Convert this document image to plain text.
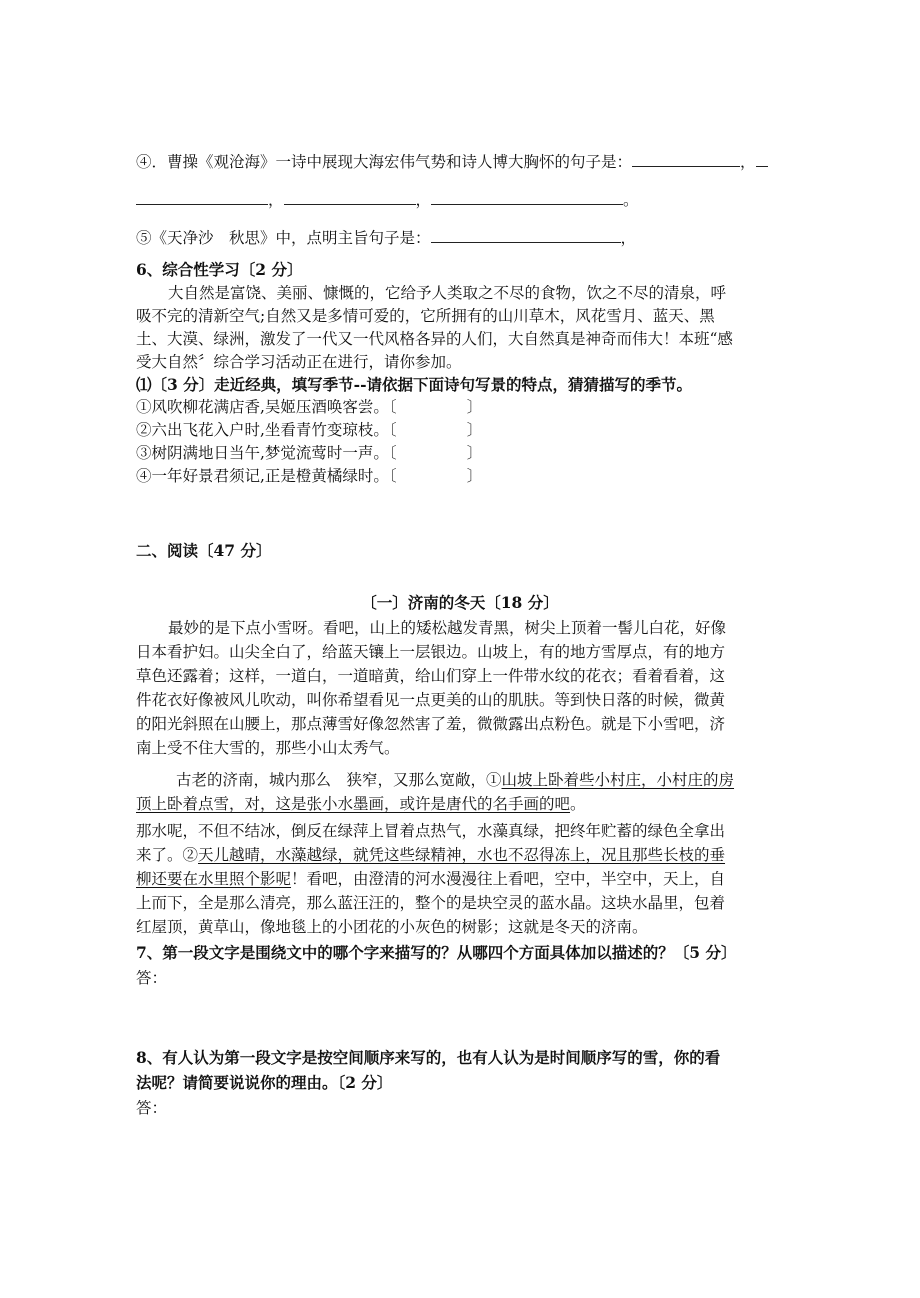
④．曹操《观沧海》一诗中展现大海宏伟气势和诗人博大胸怀的句子是：	，
，	，	。
⑤《天净沙　秋思》中，点明主旨句子是：	，
6、综合性学习〔2 分〕
大自然是富饶、美丽、慷慨的，它给予人类取之不尽的食物，饮之不尽的清泉，呼
吸不完的清新空气;自然又是多情可爱的，它所拥有的山川草木，风花雪月、蓝天、黑
土、大漠、绿洲，激发了一代又一代风格各异的人们，大自然真是神奇而伟大！本班“感
受大自然〞综合学习活动正在进行，请你参加。
⑴〔3 分〕走近经典，填写季节--请依据下面诗句写景的特点，猜猜描写的季节。
①风吹柳花满店香,吴姬压酒唤客尝。〔	〕
②六出飞花入户时,坐看青竹变琼枝。〔	〕
③树阴满地日当午,梦觉流莺时一声。〔	〕
④一年好景君须记,正是橙黄橘绿时。〔	〕
二、阅读〔47 分〕
〔一〕济南的冬天〔18 分〕
最妙的是下点小雪呀。看吧，山上的矮松越发青黑，树尖上顶着一髻儿白花，好像
日本看护妇。山尖全白了，给蓝天镶上一层银边。山坡上，有的地方雪厚点，有的地方
草色还露着；这样，一道白，一道暗黄，给山们穿上一件带水纹的花衣；看着看着，这
件花衣好像被风儿吹动，叫你希望看见一点更美的山的肌肤。等到快日落的时候，微黄
的阳光斜照在山腰上，那点薄雪好像忽然害了羞，微微露出点粉色。就是下小雪吧，济
南上受不住大雪的，那些小山太秀气。
古老的济南，城内那么　狭窄，又那么宽敞，①山坡上卧着些小村庄，小村庄的房
顶上卧着点雪，对，这是张小水墨画，或许是唐代的名手画的吧。
那水呢，不但不结冰，倒反在绿萍上冒着点热气，水藻真绿，把终年贮蓄的绿色全拿出
来了。②天儿越晴，水藻越绿，就凭这些绿精神，水也不忍得冻上，况且那些长枝的垂
柳还要在水里照个影呢！看吧，由澄清的河水漫漫往上看吧，空中，半空中，天上，自
上而下，全是那么清亮，那么蓝汪汪的，整个的是块空灵的蓝水晶。这块水晶里，包着
红屋顶，黄草山，像地毯上的小团花的小灰色的树影；这就是冬天的济南。
7、第一段文字是围绕文中的哪个字来描写的？从哪四个方面具体加以描述的？〔5 分〕
答：
8、有人认为第一段文字是按空间顺序来写的，也有人认为是时间顺序写的雪，你的看
法呢？请简要说说你的理由。〔2 分〕
答：
